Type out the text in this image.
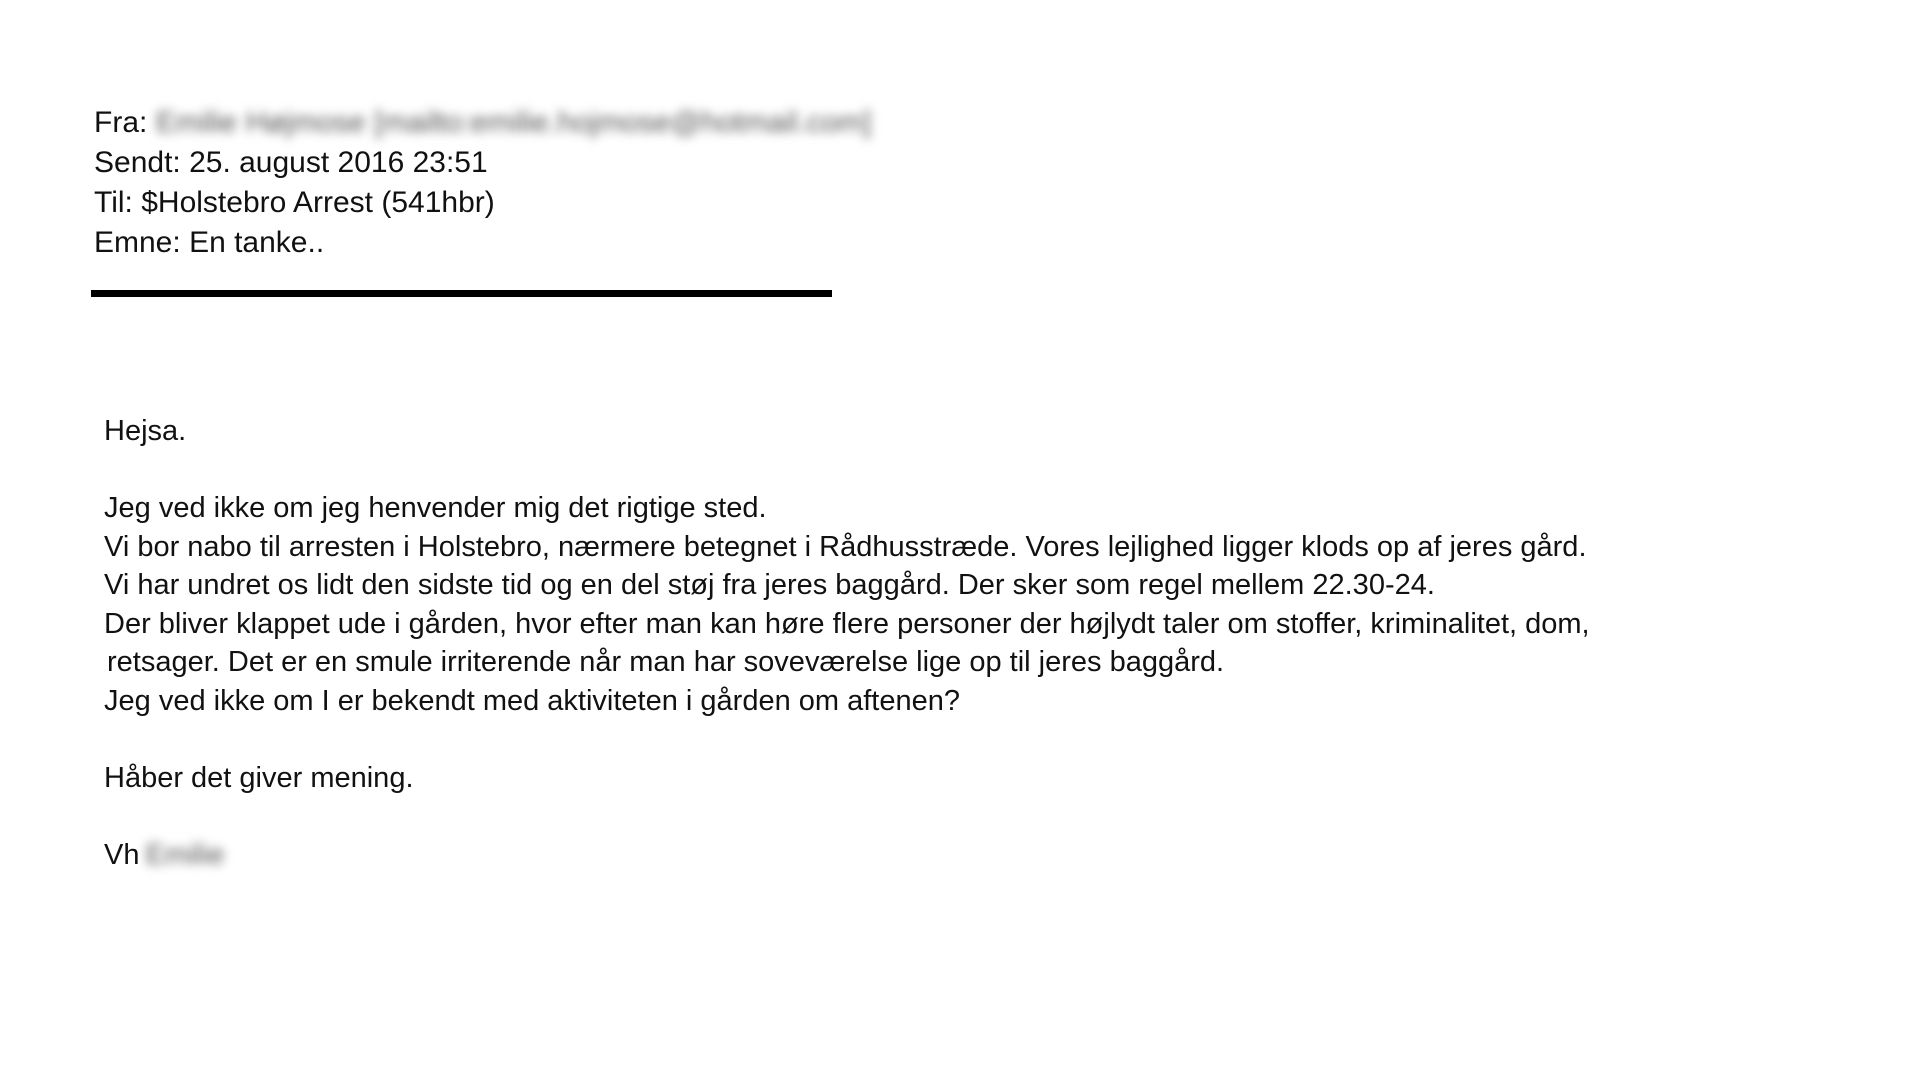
Fra: Emilie Højmose [mailto:emilie.hojmose@hotmail.com]
Sendt: 25. august 2016 23:51
Til: $Holstebro Arrest (541hbr)
Emne: En tanke..

Hejsa.

Jeg ved ikke om jeg henvender mig det rigtige sted.

Vi bor nabo til arresten i Holstebro, nærmere betegnet i Rådhusstræde. Vores lejlighed ligger klods op af jeres gård.

Vi har undret os lidt den sidste tid og en del støj fra jeres baggård. Der sker som regel mellem 22.30-24.

Der bliver klappet ude i gården, hvor efter man kan høre flere personer der højlydt taler om stoffer, kriminalitet, dom,

retsager. Det er en smule irriterende når man har soveværelse lige op til jeres baggård.

Jeg ved ikke om I er bekendt med aktiviteten i gården om aftenen?

Håber det giver mening.

Vh Emilie
